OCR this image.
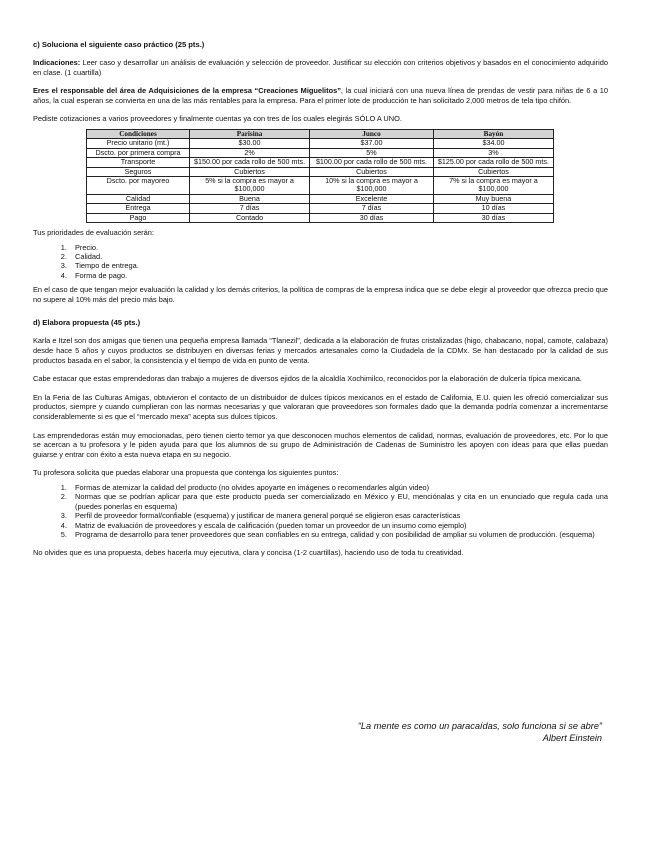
c) Soluciona el siguiente caso práctico (25 pts.)

Indicaciones: Leer caso y desarrollar un análisis de evaluación y selección de proveedor. Justificar su elección con criterios objetivos y basados en el conocimiento adquirido en clase. (1 cuartilla)

Eres el responsable del área de Adquisiciones de la empresa “Creaciones Miguelitos”, la cual iniciará con una nueva línea de prendas de vestir para niñas de 6 a 10 años, la cual esperan se convierta en una de las más rentables para la empresa. Para el primer lote de producción te han solicitado 2,000 metros de tela tipo chifón.

Pediste cotizaciones a varios proveedores y finalmente cuentas ya con tres de los cuales elegirás SÓLO A UNO.

Condiciones	Parisina	Junco	Bayón
Precio unitario (mt.)	$30.00	$37.00	$34.00
Dscto. por primera compra	2%	5%	3%
Transporte	$150.00 por cada rollo de 500 mts.	$100.00 por cada rollo de 500 mts.	$125.00 por cada rollo de 500 mts.
Seguros	Cubiertos	Cubiertos	Cubiertos
Dscto. por mayoreo	5% si la compra es mayor a $100,000	10% si la compra es mayor a $100,000	7% si la compra es mayor a $100,000
Calidad	Buena	Excelente	Muy buena
Entrega	7 días	7 días	10 días
Pago	Contado	30 días	30 días

Tus prioridades de evaluación serán:

1. Precio.
2. Calidad.
3. Tiempo de entrega.
4. Forma de pago.

En el caso de que tengan mejor evaluación la calidad y los demás criterios, la política de compras de la empresa indica que se debe elegir al proveedor que ofrezca precio que no supere al 10% más del precio más bajo.

d) Elabora propuesta (45 pts.)

Karla e Itzel son dos amigas que tienen una pequeña empresa llamada “Tlanezil”, dedicada a la elaboración de frutas cristalizadas (higo, chabacano, nopal, camote, calabaza) desde hace 5 años y cuyos productos se distribuyen en diversas ferias y mercados artesanales como la Ciudadela de la CDMx. Se han destacado por la calidad de sus productos basada en el sabor, la consistencia y el tiempo de vida en punto de venta.

Cabe estacar que estas emprendedoras dan trabajo a mujeres de diversos ejidos de la alcaldía Xochimilco, reconocidos por la elaboración de dulcería típica mexicana.

En la Feria de las Culturas Amigas, obtuvieron el contacto de un distribuidor de dulces típicos mexicanos en el estado de California, E.U. quien les ofreció comercializar sus productos, siempre y cuando cumplieran con las normas necesarias y que valoraran que proveedores son formales dado que la demanda podría comenzar a incrementarse considerablemente si es que el “mercado mexa” acepta sus dulces típicos.

Las emprendedoras están muy emocionadas, pero tienen cierto temor ya que desconocen muchos elementos de calidad, normas, evaluación de proveedores, etc. Por lo que se acercan a tu profesora y le piden ayuda para que los alumnos de su grupo de Administración de Cadenas de Suministro les apoyen con ideas para que ellas puedan guiarse y entrar con éxito a esta nueva etapa en su negocio.

Tu profesora solicita que puedas elaborar una propuesta que contenga los siguientes puntos:

1. Formas de atemizar la calidad del producto (no olvides apoyarte en imágenes o recomendarles algún video)
2. Normas que se podrían aplicar para que este producto pueda ser comercializado en México y EU, menciónalas y cita en un enunciado que regula cada una (puedes ponerlas en esquema)
3. Perfil de proveedor formal/confiable (esquema) y justificar de manera general porqué se eligieron esas características
4. Matriz de evaluación de proveedores y escala de calificación (pueden tomar un proveedor de un insumo como ejemplo)
5. Programa de desarrollo para tener proveedores que sean confiables en su entrega, calidad y con posibilidad de ampliar su volumen de producción. (esquema)

No olvides que es una propuesta, debes hacerla muy ejecutiva, clara y concisa (1-2 cuartillas), haciendo uso de toda tu creatividad.

“La mente es como un paracaídas, solo funciona si se abre”
Albert Einstein
